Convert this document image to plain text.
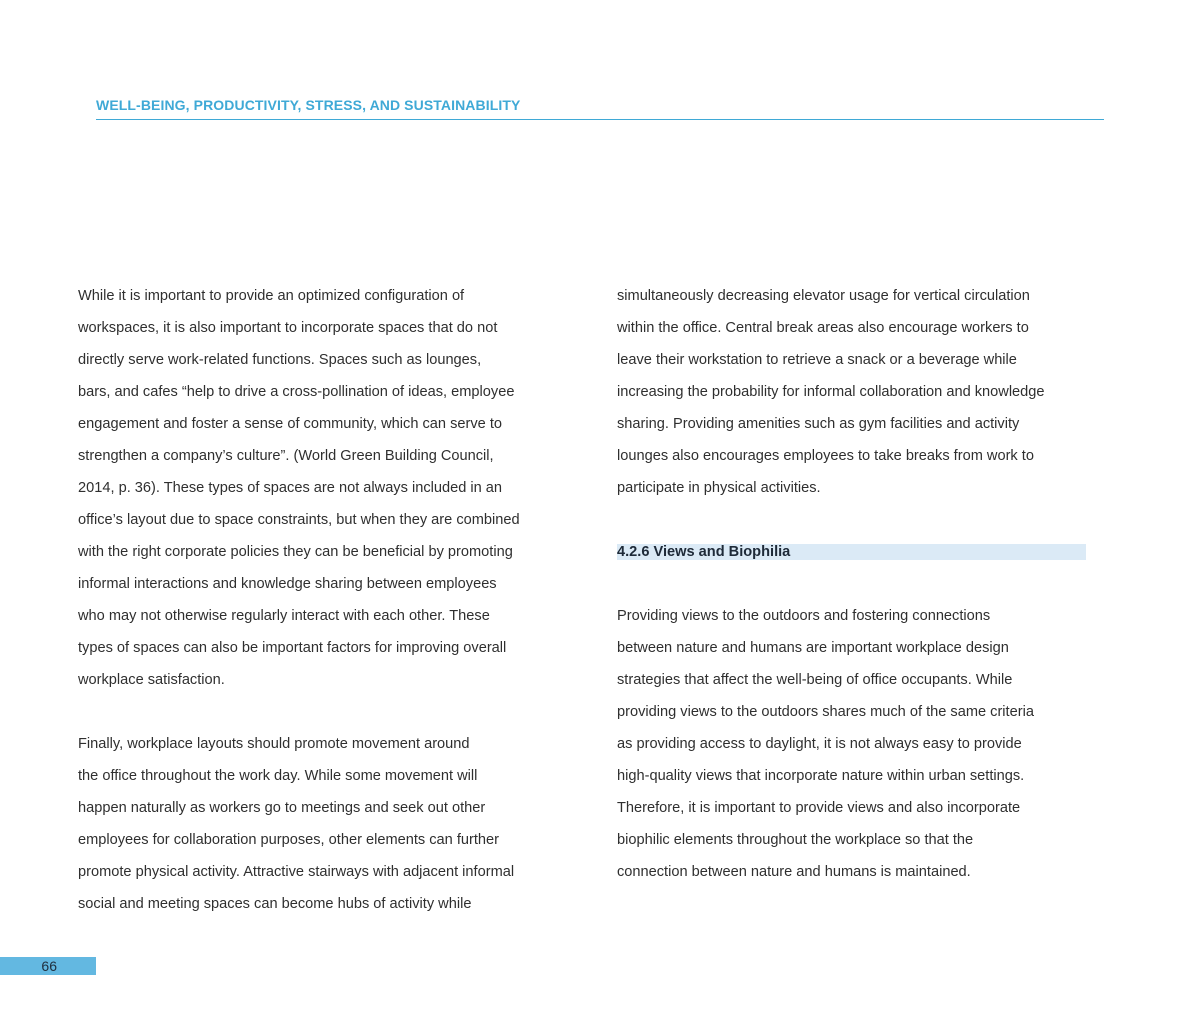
WELL-BEING, PRODUCTIVITY, STRESS, AND SUSTAINABILITY
While it is important to provide an optimized configuration of
workspaces, it is also important to incorporate spaces that do not
directly serve work-related functions. Spaces such as lounges,
bars, and cafes “help to drive a cross-pollination of ideas, employee
engagement and foster a sense of community, which can serve to
strengthen a company’s culture”. (World Green Building Council,
2014, p. 36). These types of spaces are not always included in an
office’s layout due to space constraints, but when they are combined
with the right corporate policies they can be beneficial by promoting
informal interactions and knowledge sharing between employees
who may not otherwise regularly interact with each other. These
types of spaces can also be important factors for improving overall
workplace satisfaction.
Finally, workplace layouts should promote movement around
the office throughout the work day. While some movement will
happen naturally as workers go to meetings and seek out other
employees for collaboration purposes, other elements can further
promote physical activity. Attractive stairways with adjacent informal
social and meeting spaces can become hubs of activity while
simultaneously decreasing elevator usage for vertical circulation
within the office. Central break areas also encourage workers to
leave their workstation to retrieve a snack or a beverage while
increasing the probability for informal collaboration and knowledge
sharing. Providing amenities such as gym facilities and activity
lounges also encourages employees to take breaks from work to
participate in physical activities.
4.2.6 Views and Biophilia
Providing views to the outdoors and fostering connections
between nature and humans are important workplace design
strategies that affect the well-being of office occupants. While
providing views to the outdoors shares much of the same criteria
as providing access to daylight, it is not always easy to provide
high-quality views that incorporate nature within urban settings.
Therefore, it is important to provide views and also incorporate
biophilic elements throughout the workplace so that the
connection between nature and humans is maintained.
66
